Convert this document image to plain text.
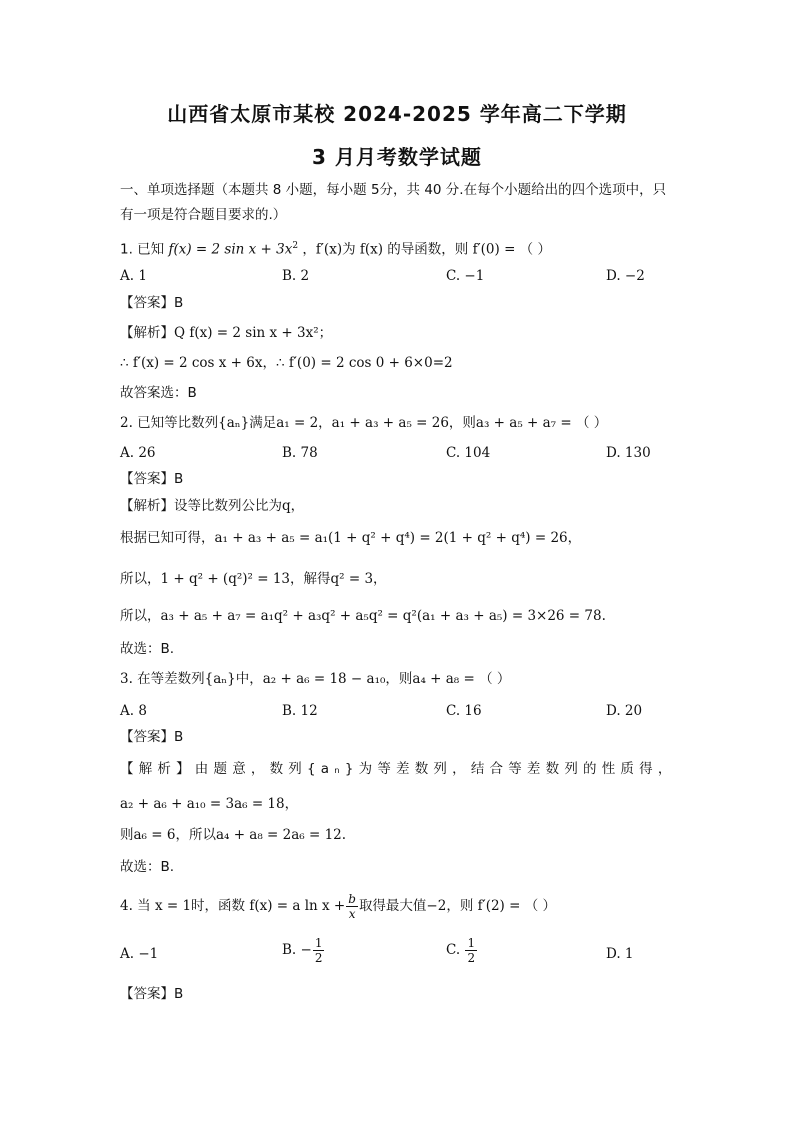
山西省太原市某校 2024-2025 学年高二下学期
3 月月考数学试题
一、单项选择题（本题共 8 小题，每小题 5分，共 40 分.在每个小题给出的四个选项中，只
有一项是符合题目要求的.）
1. 已知 f(x) = 2 $\sin x + 3x^2$ ，f′(x)为 f(x) 的导函数，则 f′(0) = （ ）
A. 1	B. 2	C. −1	D. −2
【答案】B
【解析】Q f(x) = 2 sin x + 3x²；
∴ f′(x) = 2 cos x + 6x，∴ f′(0) = 2 cos 0 + 6×0=2
故答案选：B
2. 已知等比数列{aₙ}满足a₁ = 2，a₁ + a₃ + a₅ = 26，则a₃ + a₅ + a₇ = （ ）
A. 26	B. 78	C. 104	D. 130
【答案】B
【解析】设等比数列公比为q，
根据已知可得，a₁ + a₃ + a₅ = a₁(1 + q² + q⁴) = 2(1 + q² + q⁴) = 26，
所以，1 + q² + (q²)² = 13，解得q² = 3，
所以，a₃ + a₅ + a₇ = a₁q² + a₃q² + a₅q² = q²(a₁ + a₃ + a₅) = 3×26 = 78.
故选：B.
3. 在等差数列{aₙ}中，a₂ + a₆ = 18 − a₁₀，则a₄ + a₈ = （ ）
A. 8	B. 12	C. 16	D. 20
【答案】B
【解析】由题意，数列{aₙ}为等差数列，结合等差数列的性质得，
a₂ + a₆ + a₁₀ = 3a₆ = 18，
则a₆ = 6，所以a₄ + a₈ = 2a₆ = 12.
故选：B.
4. 当 x = 1时，函数 f(x) = a $\ln x + \frac{b}{x}$ 取得最大值−2，则 f′(2) = （ ）
A. −1	B. − $\frac{1}{2}$	C. $\frac{1}{2}$	D. 1
【答案】B
